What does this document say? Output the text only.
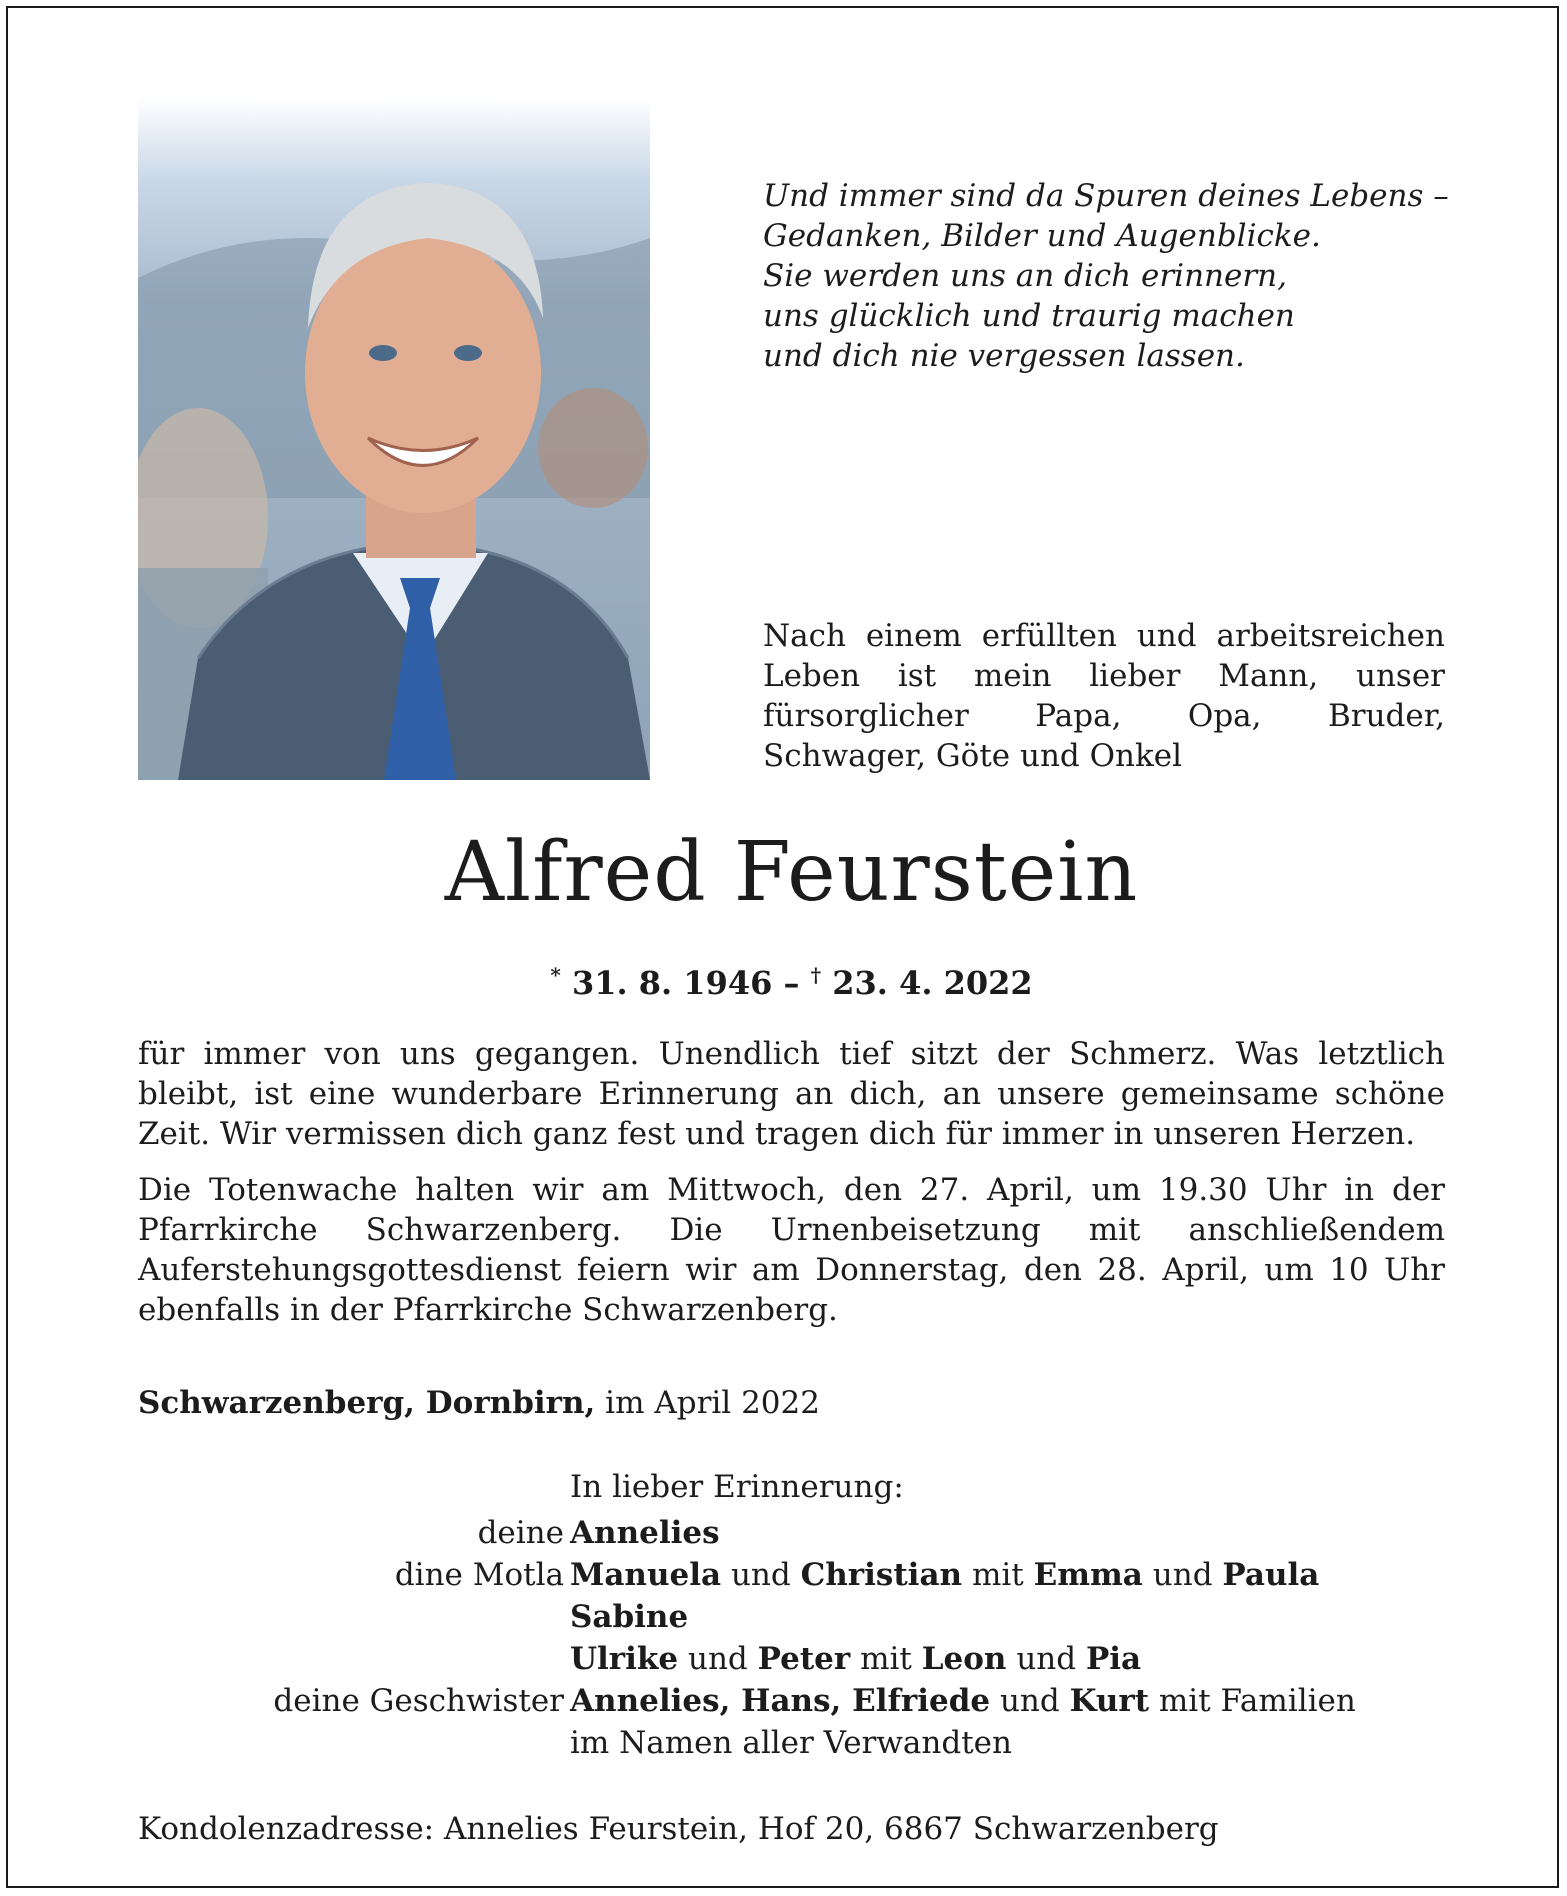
Und immer sind da Spuren deines Lebens –
Gedanken, Bilder und Augenblicke.
Sie werden uns an dich erinnern,
uns glücklich und traurig machen
und dich nie vergessen lassen.
Nach einem erfüllten und arbeitsreichen Leben ist mein lieber Mann, unser fürsorglicher Papa, Opa, Bruder, Schwager, Göte und Onkel
Alfred Feurstein
* 31. 8. 1946 – † 23. 4. 2022
für immer von uns gegangen. Unendlich tief sitzt der Schmerz. Was letztlich bleibt, ist eine wunderbare Erinnerung an dich, an unsere gemeinsame schöne Zeit. Wir vermissen dich ganz fest und tragen dich für immer in unseren Herzen.
Die Totenwache halten wir am Mittwoch, den 27. April, um 19.30 Uhr in der Pfarrkirche Schwarzenberg. Die Urnenbeisetzung mit anschließendem Auferstehungsgottesdienst feiern wir am Donnerstag, den 28. April, um 10 Uhr ebenfalls in der Pfarrkirche Schwarzenberg.
Schwarzenberg, Dornbirn, im April 2022
In lieber Erinnerung:
deine Annelies
dine Motla Manuela und Christian mit Emma und Paula
Sabine
Ulrike und Peter mit Leon und Pia
deine Geschwister Annelies, Hans, Elfriede und Kurt mit Familien
im Namen aller Verwandten
Kondolenzadresse: Annelies Feurstein, Hof 20, 6867 Schwarzenberg
